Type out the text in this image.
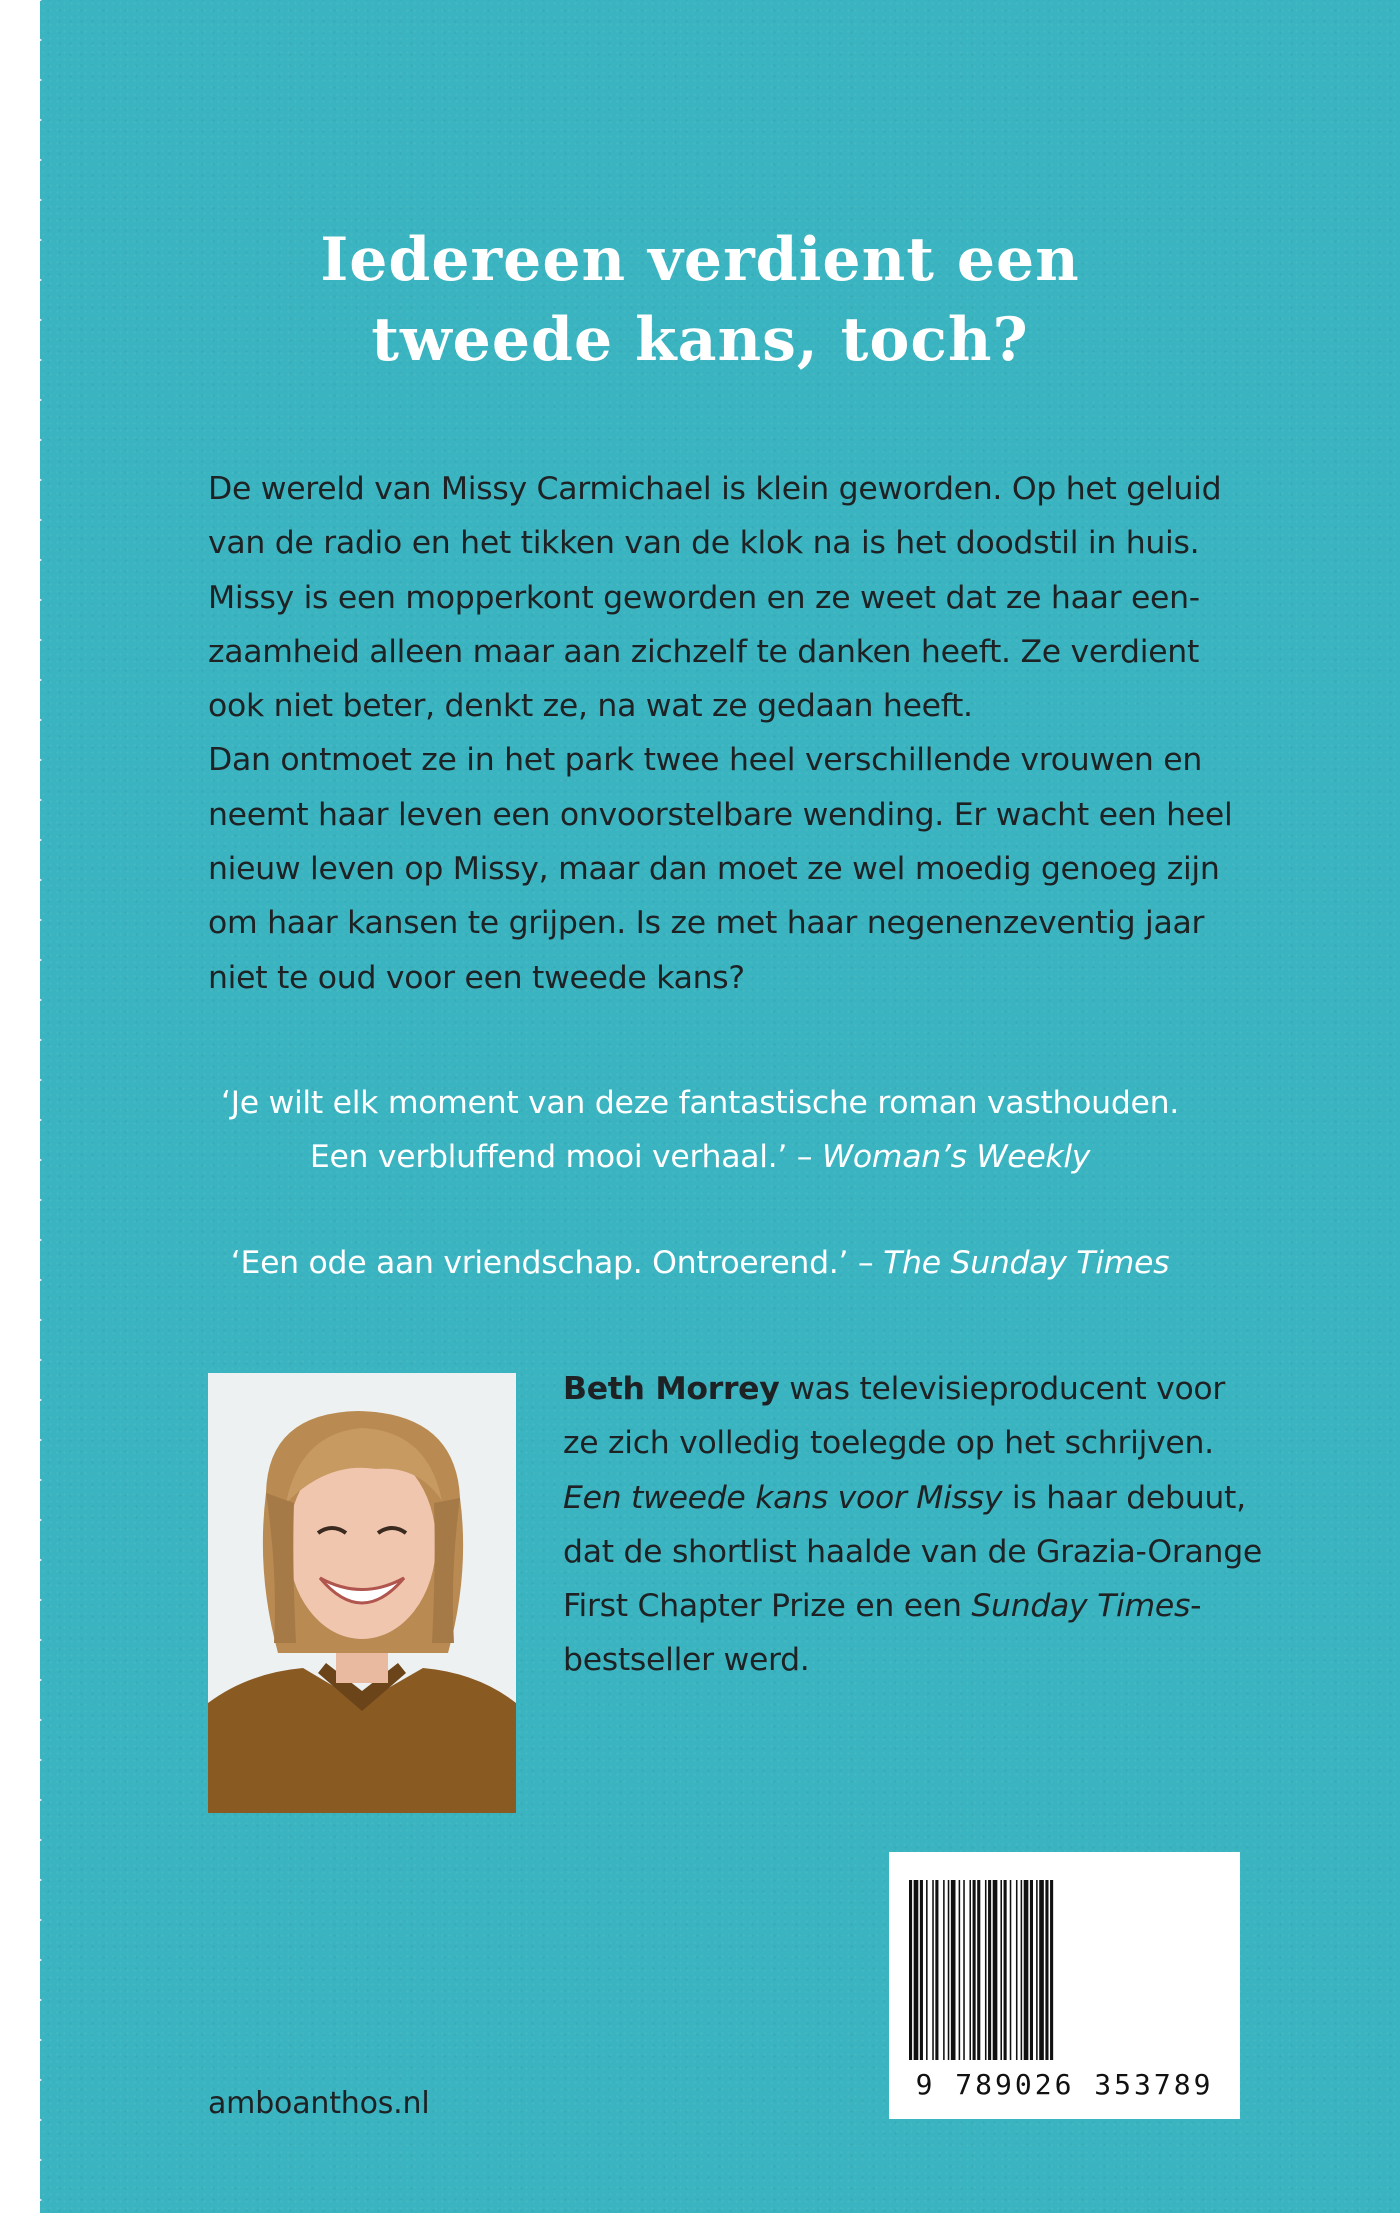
Iedereen verdient een
tweede kans, toch?
De wereld van Missy Carmichael is klein geworden. Op het geluid
van de radio en het tikken van de klok na is het doodstil in huis.
Missy is een mopperkont geworden en ze weet dat ze haar een-
zaamheid alleen maar aan zichzelf te danken heeft. Ze verdient
ook niet beter, denkt ze, na wat ze gedaan heeft.
Dan ontmoet ze in het park twee heel verschillende vrouwen en
neemt haar leven een onvoorstelbare wending. Er wacht een heel
nieuw leven op Missy, maar dan moet ze wel moedig genoeg zijn
om haar kansen te grijpen. Is ze met haar negenenzeventig jaar
niet te oud voor een tweede kans?
‘Je wilt elk moment van deze fantastische roman vasthouden.
Een verbluffend mooi verhaal.’ – Woman’s Weekly
‘Een ode aan vriendschap. Ontroerend.’ – The Sunday Times
Beth Morrey was televisieproducent voor
ze zich volledig toelegde op het schrijven.
Een tweede kans voor Missy is haar debuut,
dat de shortlist haalde van de Grazia-Orange
First Chapter Prize en een Sunday Times-
bestseller werd.
9 789026 353789
amboanthos.nl
